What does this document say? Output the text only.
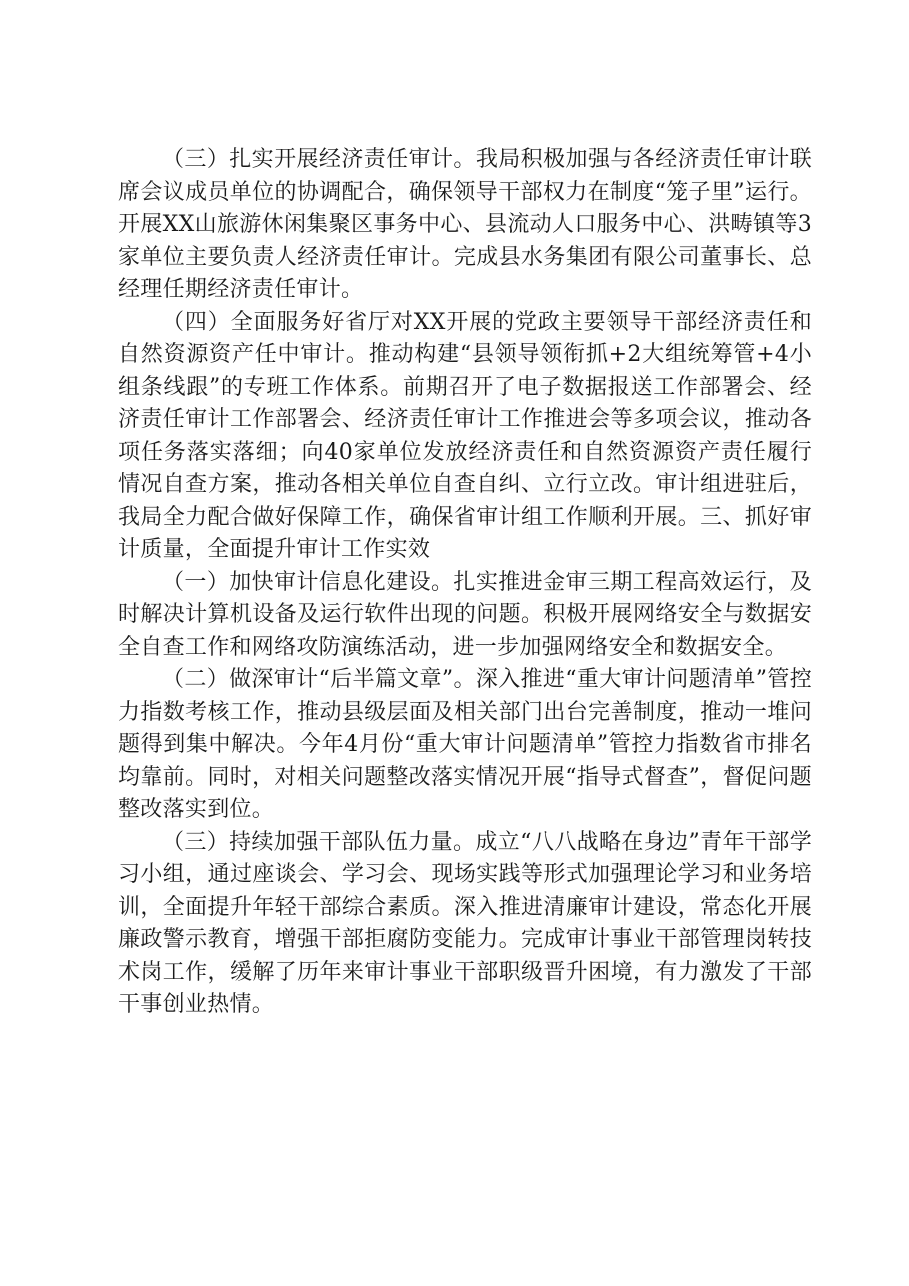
（三）扎实开展经济责任审计。我局积极加强与各经济责任审计联席会议成员单位的协调配合，确保领导干部权力在制度“笼子里”运行。开展XX山旅游休闲集聚区事务中心、县流动人口服务中心、洪畴镇等3家单位主要负责人经济责任审计。完成县水务集团有限公司董事长、总经理任期经济责任审计。

（四）全面服务好省厅对XX开展的党政主要领导干部经济责任和自然资源资产任中审计。推动构建“县领导领衔抓+2大组统筹管+4小组条线跟”的专班工作体系。前期召开了电子数据报送工作部署会、经济责任审计工作部署会、经济责任审计工作推进会等多项会议，推动各项任务落实落细；向40家单位发放经济责任和自然资源资产责任履行情况自查方案，推动各相关单位自查自纠、立行立改。审计组进驻后，我局全力配合做好保障工作，确保省审计组工作顺利开展。三、抓好审计质量，全面提升审计工作实效

（一）加快审计信息化建设。扎实推进金审三期工程高效运行，及时解决计算机设备及运行软件出现的问题。积极开展网络安全与数据安全自查工作和网络攻防演练活动，进一步加强网络安全和数据安全。

（二）做深审计“后半篇文章”。深入推进“重大审计问题清单”管控力指数考核工作，推动县级层面及相关部门出台完善制度，推动一堆问题得到集中解决。今年4月份“重大审计问题清单”管控力指数省市排名均靠前。同时，对相关问题整改落实情况开展“指导式督查”，督促问题整改落实到位。

（三）持续加强干部队伍力量。成立“八八战略在身边”青年干部学习小组，通过座谈会、学习会、现场实践等形式加强理论学习和业务培训，全面提升年轻干部综合素质。深入推进清廉审计建设，常态化开展廉政警示教育，增强干部拒腐防变能力。完成审计事业干部管理岗转技术岗工作，缓解了历年来审计事业干部职级晋升困境，有力激发了干部干事创业热情。
